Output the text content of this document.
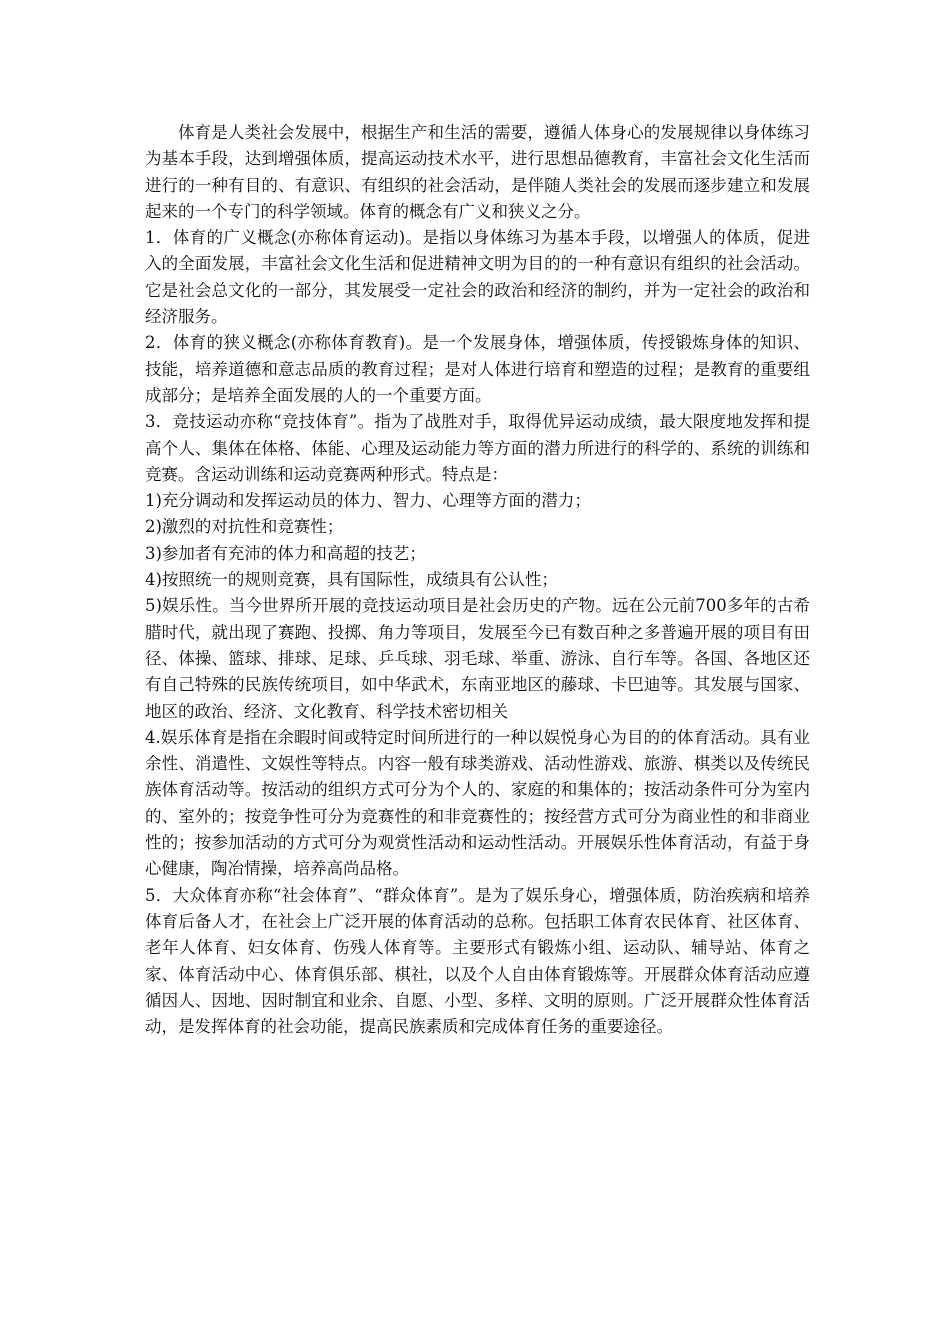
体育是人类社会发展中，根据生产和生活的需要，遵循人体身心的发展规律以身体练习为基本手段，达到增强体质，提高运动技术水平，进行思想品德教育，丰富社会文化生活而进行的一种有目的、有意识、有组织的社会活动，是伴随人类社会的发展而逐步建立和发展起来的一个专门的科学领域。体育的概念有广义和狭义之分。

1．体育的广义概念(亦称体育运动)。是指以身体练习为基本手段，以增强人的体质，促进入的全面发展，丰富社会文化生活和促进精神文明为目的的一种有意识有组织的社会活动。它是社会总文化的一部分，其发展受一定社会的政治和经济的制约，并为一定社会的政治和经济服务。

2．体育的狭义概念(亦称体育教育)。是一个发展身体，增强体质，传授锻炼身体的知识、技能，培养道德和意志品质的教育过程；是对人体进行培育和塑造的过程；是教育的重要组成部分；是培养全面发展的人的一个重要方面。

3．竞技运动亦称“竞技体育”。指为了战胜对手，取得优异运动成绩，最大限度地发挥和提高个人、集体在体格、体能、心理及运动能力等方面的潜力所进行的科学的、系统的训练和竞赛。含运动训练和运动竞赛两种形式。特点是：

1)充分调动和发挥运动员的体力、智力、心理等方面的潜力；

2)激烈的对抗性和竞赛性；

3)参加者有充沛的体力和高超的技艺；

4)按照统一的规则竞赛，具有国际性，成绩具有公认性；

5)娱乐性。当今世界所开展的竞技运动项目是社会历史的产物。远在公元前700多年的古希腊时代，就出现了赛跑、投掷、角力等项目，发展至今已有数百种之多普遍开展的项目有田径、体操、篮球、排球、足球、乒乓球、羽毛球、举重、游泳、自行车等。各国、各地区还有自己特殊的民族传统项目，如中华武术，东南亚地区的藤球、卡巴迪等。其发展与国家、地区的政治、经济、文化教育、科学技术密切相关

4.娱乐体育是指在余暇时间或特定时间所进行的一种以娱悦身心为目的的体育活动。具有业余性、消遣性、文娱性等特点。内容一般有球类游戏、活动性游戏、旅游、棋类以及传统民族体育活动等。按活动的组织方式可分为个人的、家庭的和集体的；按活动条件可分为室内的、室外的；按竞争性可分为竞赛性的和非竞赛性的；按经营方式可分为商业性的和非商业性的；按参加活动的方式可分为观赏性活动和运动性活动。开展娱乐性体育活动，有益于身心健康，陶冶情操，培养高尚品格。

5．大众体育亦称“社会体育”、“群众体育”。是为了娱乐身心，增强体质，防治疾病和培养体育后备人才，在社会上广泛开展的体育活动的总称。包括职工体育农民体育、社区体育、老年人体育、妇女体育、伤残人体育等。主要形式有锻炼小组、运动队、辅导站、体育之家、体育活动中心、体育俱乐部、棋社，以及个人自由体育锻炼等。开展群众体育活动应遵循因人、因地、因时制宜和业余、自愿、小型、多样、文明的原则。广泛开展群众性体育活动，是发挥体育的社会功能，提高民族素质和完成体育任务的重要途径。
